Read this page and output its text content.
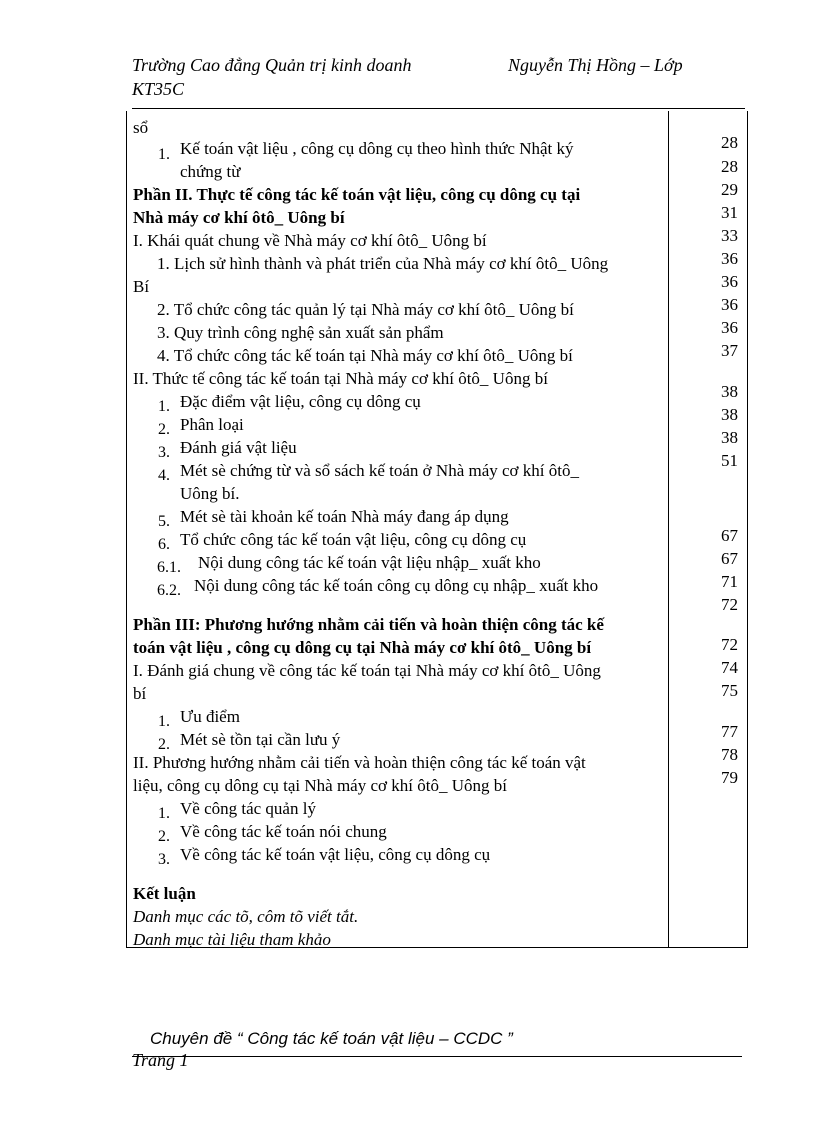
Trường Cao đẳng Quản trị kinh doanh
KT35C
Nguyễn Thị Hồng – Lớp
sổ
1. Kế toán vật liệu , công cụ dông cụ theo hình thức Nhật ký
chứng từ
Phần II. Thực tế công tác kế toán vật liệu, công cụ dông cụ tại
Nhà máy cơ khí ôtô_ Uông bí
I. Khái quát chung về Nhà máy cơ khí ôtô_ Uông bí
1. Lịch sử hình thành và phát triển của Nhà máy cơ khí ôtô_ Uông
Bí
2. Tổ chức công tác quản lý tại Nhà máy cơ khí ôtô_ Uông bí
3. Quy trình công nghệ sản xuất sản phẩm
4. Tổ chức công tác kế toán tại Nhà máy cơ khí ôtô_ Uông bí
II. Thức tế công tác kế toán tại Nhà máy cơ khí ôtô_ Uông bí
1. Đặc điểm vật liệu, công cụ dông cụ
2. Phân loại
3. Đánh giá vật liệu
4. Mét sè chứng từ và sổ sách kế toán ở Nhà máy cơ khí ôtô_
Uông bí.
5. Mét sè tài khoản kế toán Nhà máy đang áp dụng
6. Tổ chức công tác kế toán vật liệu, công cụ dông cụ
6.1. Nội dung công tác kế toán vật liệu nhập_ xuất kho
6.2. Nội dung công tác kế toán công cụ dông cụ nhập_ xuất kho
Phần III: Phương hướng nhằm cải tiến và hoàn thiện công tác kế
toán vật liệu , công cụ dông cụ tại Nhà máy cơ khí ôtô_ Uông bí
I. Đánh giá chung về công tác kế toán tại Nhà máy cơ khí ôtô_ Uông
bí
1. Ưu điểm
2. Mét sè tồn tại cần lưu ý
II. Phương hướng nhằm cải tiến và hoàn thiện công tác kế toán vật
liệu, công cụ dông cụ tại Nhà máy cơ khí ôtô_ Uông bí
1. Về công tác quản lý
2. Về công tác kế toán nói chung
3. Về công tác kế toán vật liệu, công cụ dông cụ
Kết luận
Danh mục các tõ, côm tõ viết tắt.
Danh mục tài liệu tham khảo
28
28
29
31
33
36
36
36
36
37
38
38
38
51
67
67
71
72
72
74
75
77
78
79
Chuyên đề “ Công tác kế toán vật liệu – CCDC ”
Trang 1
